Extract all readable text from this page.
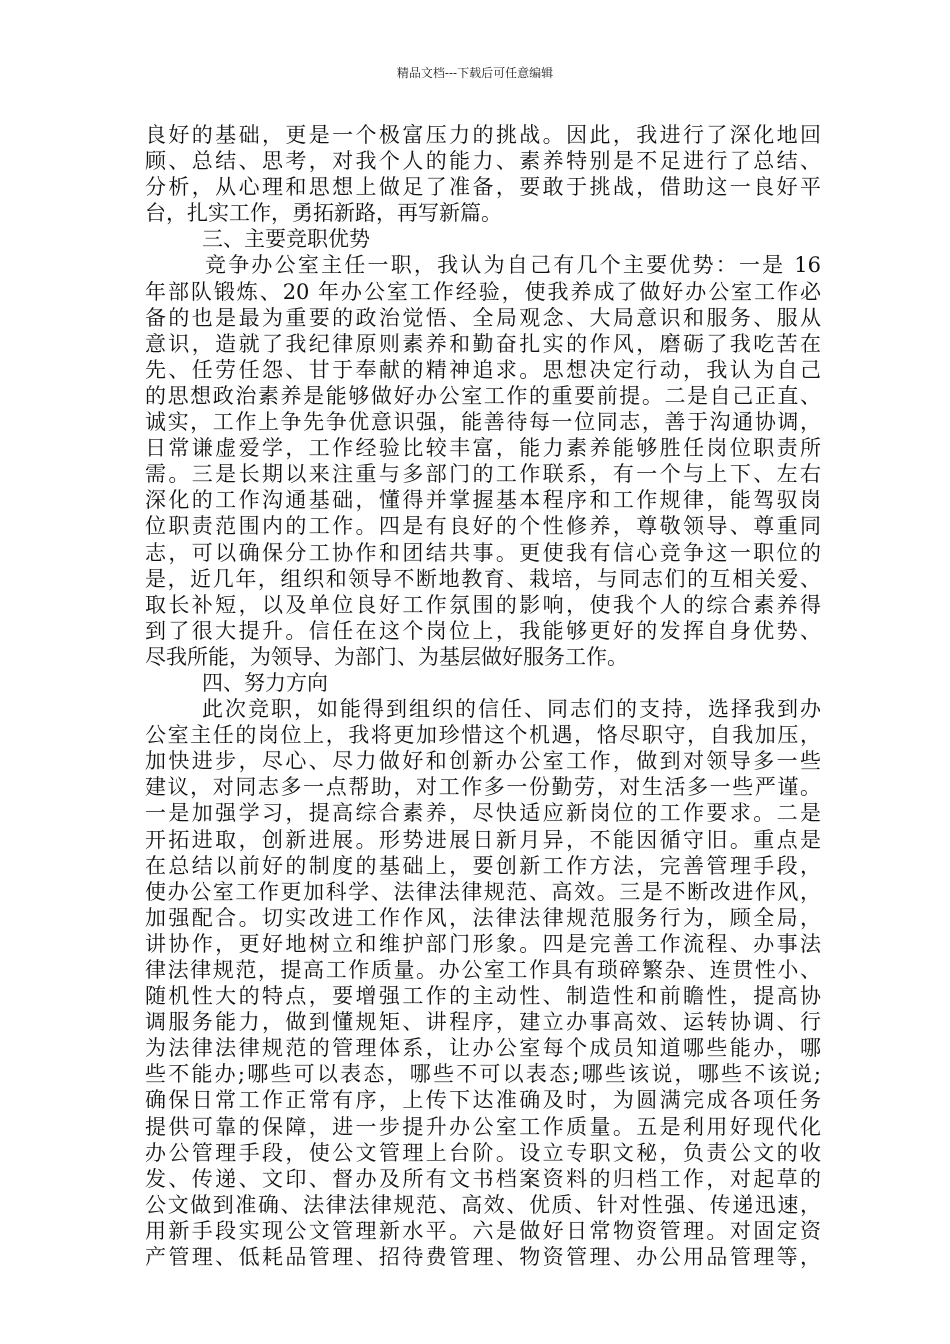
精品文档---下载后可任意编辑
良好的基础，更是一个极富压力的挑战。因此，我进行了深化地回
顾、总结、思考，对我个人的能力、素养特别是不足进行了总结、
分析，从心理和思想上做足了准备，要敢于挑战，借助这一良好平
台，扎实工作，勇拓新路，再写新篇。
三、主要竞职优势
竞争办公室主任一职，我认为自己有几个主要优势：一是 16
年部队锻炼、20 年办公室工作经验，使我养成了做好办公室工作必
备的也是最为重要的政治觉悟、全局观念、大局意识和服务、服从
意识，造就了我纪律原则素养和勤奋扎实的作风，磨砺了我吃苦在
先、任劳任怨、甘于奉献的精神追求。思想决定行动，我认为自己
的思想政治素养是能够做好办公室工作的重要前提。二是自己正直、
诚实，工作上争先争优意识强，能善待每一位同志，善于沟通协调，
日常谦虚爱学，工作经验比较丰富，能力素养能够胜任岗位职责所
需。三是长期以来注重与多部门的工作联系，有一个与上下、左右
深化的工作沟通基础，懂得并掌握基本程序和工作规律，能驾驭岗
位职责范围内的工作。四是有良好的个性修养，尊敬领导、尊重同
志，可以确保分工协作和团结共事。更使我有信心竞争这一职位的
是，近几年，组织和领导不断地教育、栽培，与同志们的互相关爱、
取长补短，以及单位良好工作氛围的影响，使我个人的综合素养得
到了很大提升。信任在这个岗位上，我能够更好的发挥自身优势、
尽我所能，为领导、为部门、为基层做好服务工作。
四、努力方向
此次竞职，如能得到组织的信任、同志们的支持，选择我到办
公室主任的岗位上，我将更加珍惜这个机遇，恪尽职守，自我加压，
加快进步，尽心、尽力做好和创新办公室工作，做到对领导多一些
建议，对同志多一点帮助，对工作多一份勤劳，对生活多一些严谨。
一是加强学习，提高综合素养，尽快适应新岗位的工作要求。二是
开拓进取，创新进展。形势进展日新月异，不能因循守旧。重点是
在总结以前好的制度的基础上，要创新工作方法，完善管理手段，
使办公室工作更加科学、法律法律规范、高效。三是不断改进作风，
加强配合。切实改进工作作风，法律法律规范服务行为，顾全局，
讲协作，更好地树立和维护部门形象。四是完善工作流程、办事法
律法律规范，提高工作质量。办公室工作具有琐碎繁杂、连贯性小、
随机性大的特点，要增强工作的主动性、制造性和前瞻性，提高协
调服务能力，做到懂规矩、讲程序，建立办事高效、运转协调、行
为法律法律规范的管理体系，让办公室每个成员知道哪些能办，哪
些不能办;哪些可以表态，哪些不可以表态;哪些该说，哪些不该说;
确保日常工作正常有序，上传下达准确及时，为圆满完成各项任务
提供可靠的保障，进一步提升办公室工作质量。五是利用好现代化
办公管理手段，使公文管理上台阶。设立专职文秘，负责公文的收
发、传递、文印、督办及所有文书档案资料的归档工作，对起草的
公文做到准确、法律法律规范、高效、优质、针对性强、传递迅速，
用新手段实现公文管理新水平。六是做好日常物资管理。对固定资
产管理、低耗品管理、招待费管理、物资管理、办公用品管理等，
